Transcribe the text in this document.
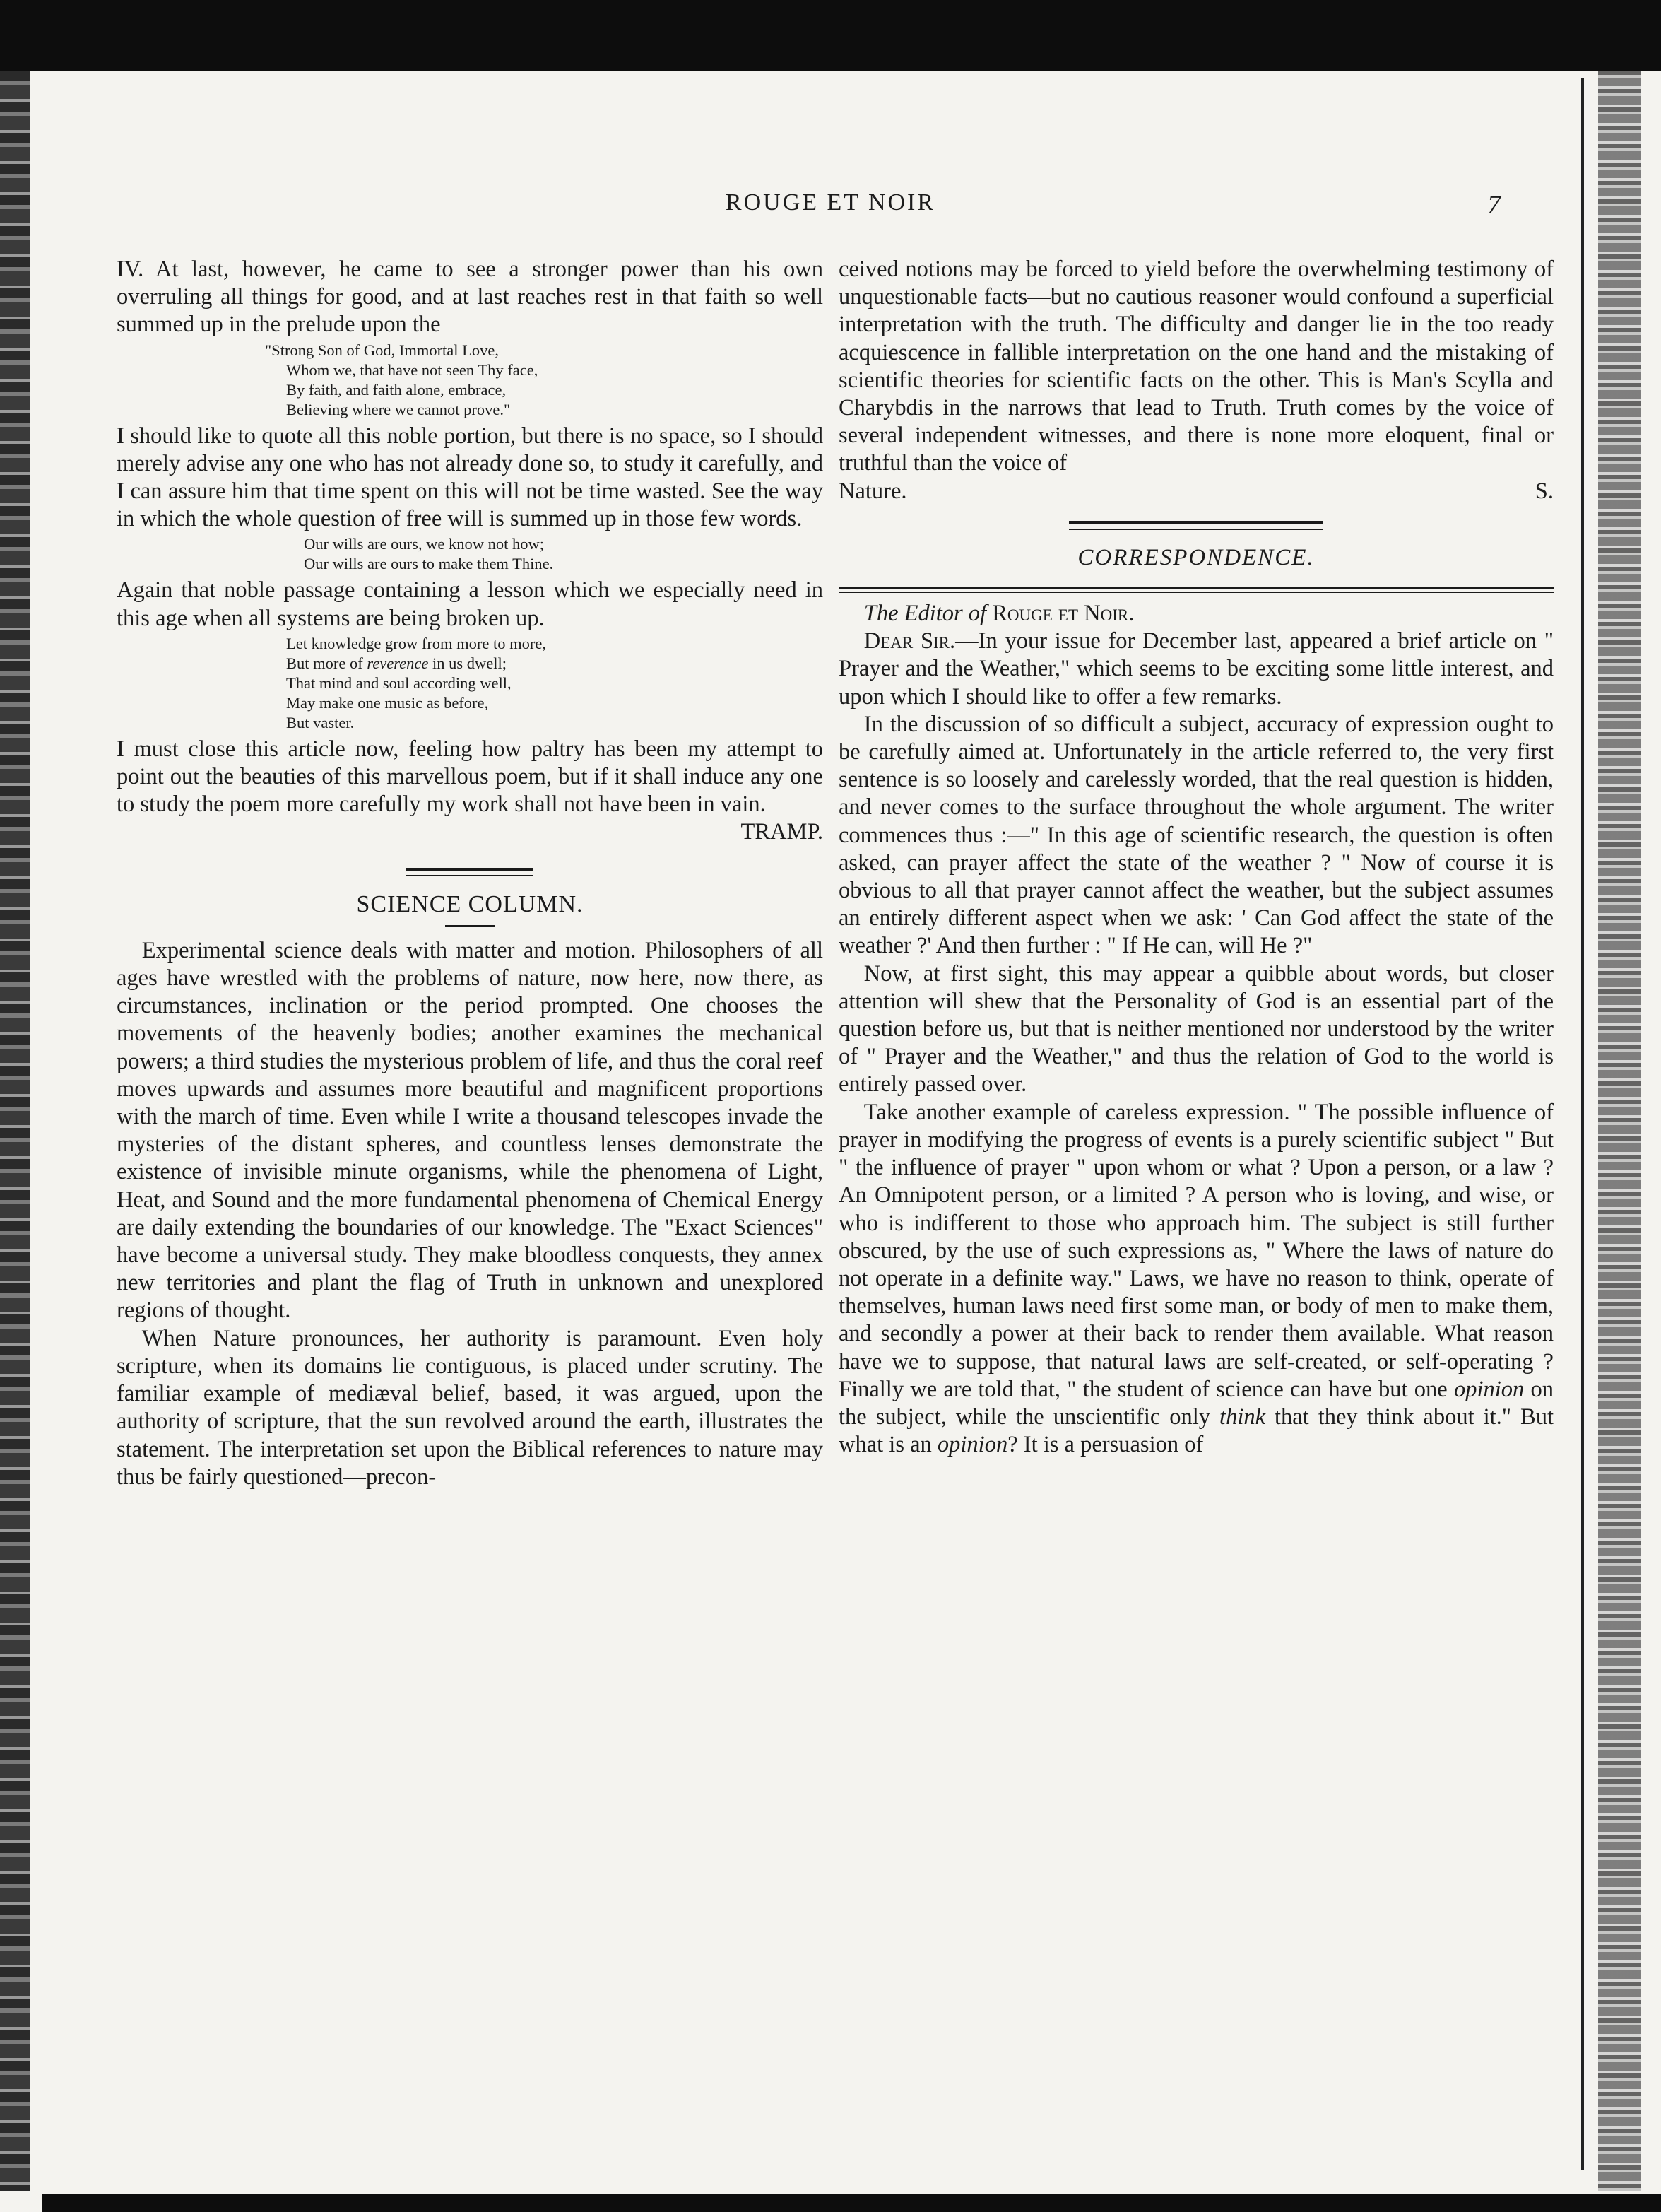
ROUGE ET NOIR	7

IV. At last, however, he came to see a stronger power than his own overruling all things for good, and at last reaches rest in that faith so well summed up in the prelude upon the

"Strong Son of God, Immortal Love,
Whom we, that have not seen Thy face,
By faith, and faith alone, embrace,
Believing where we cannot prove."

I should like to quote all this noble portion, but there is no space, so I should merely advise any one who has not already done so, to study it carefully, and I can assure him that time spent on this will not be time wasted. See the way in which the whole question of free will is summed up in those few words.

Our wills are ours, we know not how;
Our wills are ours to make them Thine.

Again that noble passage containing a lesson which we especially need in this age when all systems are being broken up.

Let knowledge grow from more to more,
But more of reverence in us dwell;
That mind and soul according well,
May make one music as before,
But vaster.

I must close this article now, feeling how paltry has been my attempt to point out the beauties of this marvellous poem, but if it shall induce any one to study the poem more carefully my work shall not have been in vain.

TRAMP.

SCIENCE COLUMN.

Experimental science deals with matter and motion. Philosophers of all ages have wrestled with the problems of nature, now here, now there, as circumstances, inclination or the period prompted. One chooses the movements of the heavenly bodies; another examines the mechanical powers; a third studies the mysterious problem of life, and thus the coral reef moves upwards and assumes more beautiful and magnificent proportions with the march of time. Even while I write a thousand telescopes invade the mysteries of the distant spheres, and countless lenses demonstrate the existence of invisible minute organisms, while the phenomena of Light, Heat, and Sound and the more fundamental phenomena of Chemical Energy are daily extending the boundaries of our knowledge. The "Exact Sciences" have become a universal study. They make bloodless conquests, they annex new territories and plant the flag of Truth in unknown and unexplored regions of thought.

When Nature pronounces, her authority is paramount. Even holy scripture, when its domains lie contiguous, is placed under scrutiny. The familiar example of mediæval belief, based, it was argued, upon the authority of scripture, that the sun revolved around the earth, illustrates the statement. The interpretation set upon the Biblical references to nature may thus be fairly questioned—precon-

ceived notions may be forced to yield before the overwhelming testimony of unquestionable facts—but no cautious reasoner would confound a superficial interpretation with the truth. The difficulty and danger lie in the too ready acquiescence in fallible interpretation on the one hand and the mistaking of scientific theories for scientific facts on the other. This is Man's Scylla and Charybdis in the narrows that lead to Truth. Truth comes by the voice of several independent witnesses, and there is none more eloquent, final or truthful than the voice of

Nature.	S.
CORRESPONDENCE.

The Editor of Rouge et Noir.

Dear Sir.—In your issue for December last, appeared a brief article on " Prayer and the Weather," which seems to be exciting some little interest, and upon which I should like to offer a few remarks.

In the discussion of so difficult a subject, accuracy of expression ought to be carefully aimed at. Unfortunately in the article referred to, the very first sentence is so loosely and carelessly worded, that the real question is hidden, and never comes to the surface throughout the whole argument. The writer commences thus :—" In this age of scientific research, the question is often asked, can prayer affect the state of the weather ? " Now of course it is obvious to all that prayer cannot affect the weather, but the subject assumes an entirely different aspect when we ask: ' Can God affect the state of the weather ?' And then further : " If He can, will He ?"

Now, at first sight, this may appear a quibble about words, but closer attention will shew that the Personality of God is an essential part of the question before us, but that is neither mentioned nor understood by the writer of " Prayer and the Weather," and thus the relation of God to the world is entirely passed over.

Take another example of careless expression. " The possible influence of prayer in modifying the progress of events is a purely scientific subject " But " the influence of prayer " upon whom or what ? Upon a person, or a law ? An Omnipotent person, or a limited ? A person who is loving, and wise, or who is indifferent to those who approach him. The subject is still further obscured, by the use of such expressions as, " Where the laws of nature do not operate in a definite way." Laws, we have no reason to think, operate of themselves, human laws need first some man, or body of men to make them, and secondly a power at their back to render them available. What reason have we to suppose, that natural laws are self-created, or self-operating ? Finally we are told that, " the student of science can have but one opinion on the subject, while the unscientific only think that they think about it." But what is an opinion? It is a persuasion of
